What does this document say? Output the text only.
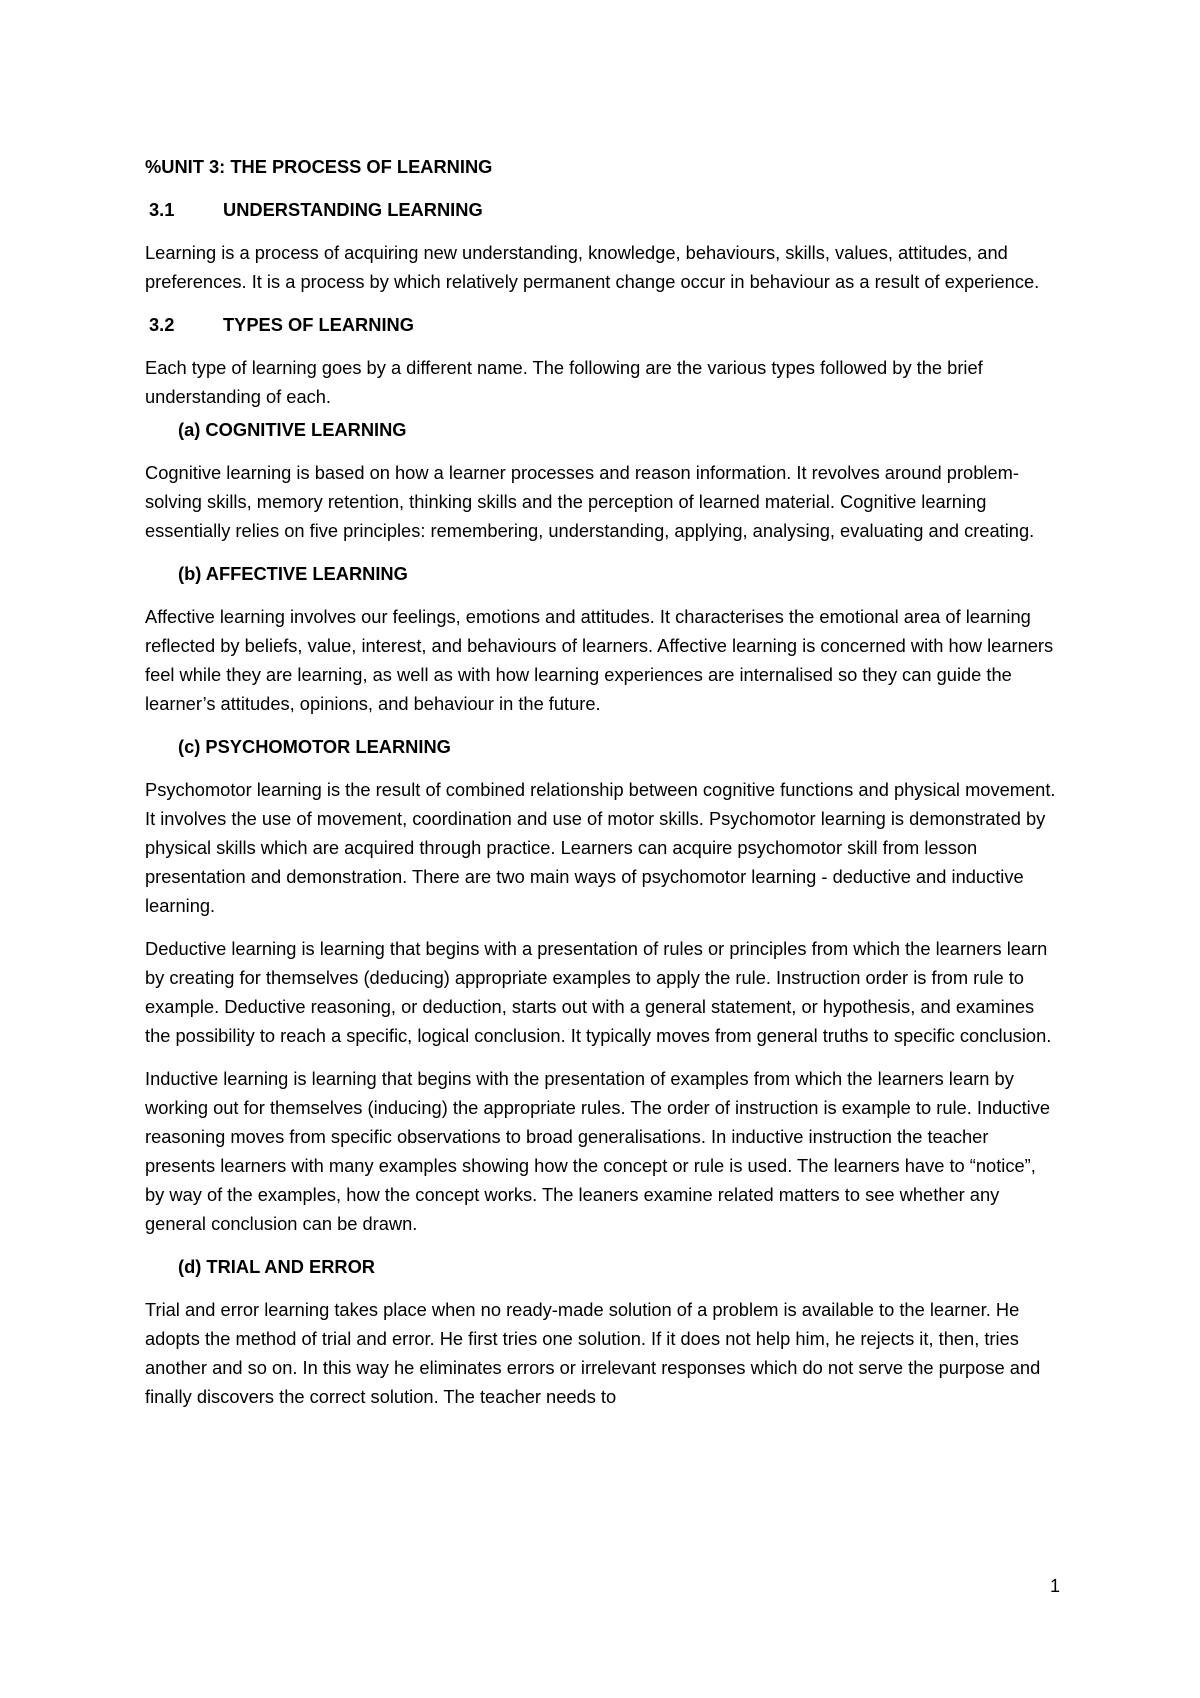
%UNIT 3: THE PROCESS OF LEARNING
3.1	UNDERSTANDING LEARNING

Learning is a process of acquiring new understanding, knowledge, behaviours, skills, values, attitudes, and preferences. It is a process by which relatively permanent change occur in behaviour as a result of experience.

3.2	TYPES OF LEARNING

Each type of learning goes by a different name. The following are the various types followed by the brief understanding of each.

(a) COGNITIVE LEARNING

Cognitive learning is based on how a learner processes and reason information. It revolves around problem-solving skills, memory retention, thinking skills and the perception of learned material. Cognitive learning essentially relies on five principles: remembering, understanding, applying, analysing, evaluating and creating.

(b) AFFECTIVE LEARNING

Affective learning involves our feelings, emotions and attitudes. It characterises the emotional area of learning reflected by beliefs, value, interest, and behaviours of learners. Affective learning is concerned with how learners feel while they are learning, as well as with how learning experiences are internalised so they can guide the learner’s attitudes, opinions, and behaviour in the future.

(c) PSYCHOMOTOR LEARNING

Psychomotor learning is the result of combined relationship between cognitive functions and physical movement. It involves the use of movement, coordination and use of motor skills. Psychomotor learning is demonstrated by physical skills which are acquired through practice. Learners can acquire psychomotor skill from lesson presentation and demonstration. There are two main ways of psychomotor learning - deductive and inductive learning.

Deductive learning is learning that begins with a presentation of rules or principles from which the learners learn by creating for themselves (deducing) appropriate examples to apply the rule. Instruction order is from rule to example. Deductive reasoning, or deduction, starts out with a general statement, or hypothesis, and examines the possibility to reach a specific, logical conclusion. It typically moves from general truths to specific conclusion.

Inductive learning is learning that begins with the presentation of examples from which the learners learn by working out for themselves (inducing) the appropriate rules. The order of instruction is example to rule. Inductive reasoning moves from specific observations to broad generalisations. In inductive instruction the teacher presents learners with many examples showing how the concept or rule is used. The learners have to “notice”, by way of the examples, how the concept works. The leaners examine related matters to see whether any general conclusion can be drawn.

(d) TRIAL AND ERROR

Trial and error learning takes place when no ready-made solution of a problem is available to the learner. He adopts the method of trial and error. He first tries one solution. If it does not help him, he rejects it, then, tries another and so on. In this way he eliminates errors or irrelevant responses which do not serve the purpose and finally discovers the correct solution. The teacher needs to

1
